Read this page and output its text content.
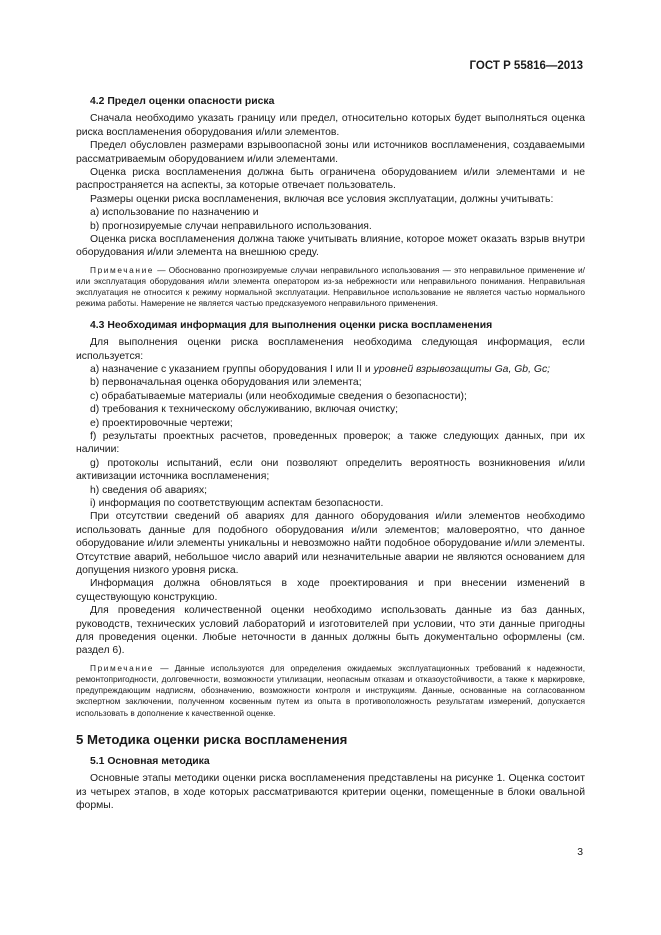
ГОСТ Р 55816—2013
4.2 Предел оценки опасности риска

Сначала необходимо указать границу или предел, относительно которых будет выполняться оценка риска воспламенения оборудования и/или элементов.

Предел обусловлен размерами взрывоопасной зоны или источников воспламенения, создаваемыми рассматриваемым оборудованием и/или элементами.

Оценка риска воспламенения должна быть ограничена оборудованием и/или элементами и не распространяется на аспекты, за которые отвечает пользователь.

Размеры оценки риска воспламенения, включая все условия эксплуатации, должны учитывать:

а) использование по назначению и

b) прогнозируемые случаи неправильного использования.

Оценка риска воспламенения должна также учитывать влияние, которое может оказать взрыв внутри оборудования и/или элемента на внешнюю среду.

Примечание — Обоснованно прогнозируемые случаи неправильного использования — это неправильное применение и/или эксплуатация оборудования и/или элемента оператором из-за небрежности или неправильного понимания. Неправильная эксплуатация не относится к режиму нормальной эксплуатации. Неправильное использование не является частью нормального режима работы. Намерение не является частью предсказуемого неправильного применения.

4.3 Необходимая информация для выполнения оценки риска воспламенения

Для выполнения оценки риска воспламенения необходима следующая информация, если используется:

а) назначение с указанием группы оборудования I или II и уровней взрывозащиты Ga, Gb, Gc;

b) первоначальная оценка оборудования или элемента;

c) обрабатываемые материалы (или необходимые сведения о безопасности);

d) требования к техническому обслуживанию, включая очистку;

e) проектировочные чертежи;

f) результаты проектных расчетов, проведенных проверок; а также следующих данных, при их наличии:

g) протоколы испытаний, если они позволяют определить вероятность возникновения и/или активизации источника воспламенения;

h) сведения об авариях;

i) информация по соответствующим аспектам безопасности.

При отсутствии сведений об авариях для данного оборудования и/или элементов необходимо использовать данные для подобного оборудования и/или элементов; маловероятно, что данное оборудование и/или элементы уникальны и невозможно найти подобное оборудование и/или элементы. Отсутствие аварий, небольшое число аварий или незначительные аварии не являются основанием для допущения низкого уровня риска.

Информация должна обновляться в ходе проектирования и при внесении изменений в существующую конструкцию.

Для проведения количественной оценки необходимо использовать данные из баз данных, руководств, технических условий лабораторий и изготовителей при условии, что эти данные пригодны для проведения оценки. Любые неточности в данных должны быть документально оформлены (см. раздел 6).

Примечание — Данные используются для определения ожидаемых эксплуатационных требований к надежности, ремонтопригодности, долговечности, возможности утилизации, неопасным отказам и отказоустойчивости, а также к маркировке, предупреждающим надписям, обозначению, возможности контроля и инструкциям. Данные, основанные на согласованном экспертном заключении, полученном косвенным путем из опыта в противоположность результатам измерений, допускается использовать в дополнение к качественной оценке.

5 Методика оценки риска воспламенения
5.1 Основная методика

Основные этапы методики оценки риска воспламенения представлены на рисунке 1. Оценка состоит из четырех этапов, в ходе которых рассматриваются критерии оценки, помещенные в блоки овальной формы.

3
